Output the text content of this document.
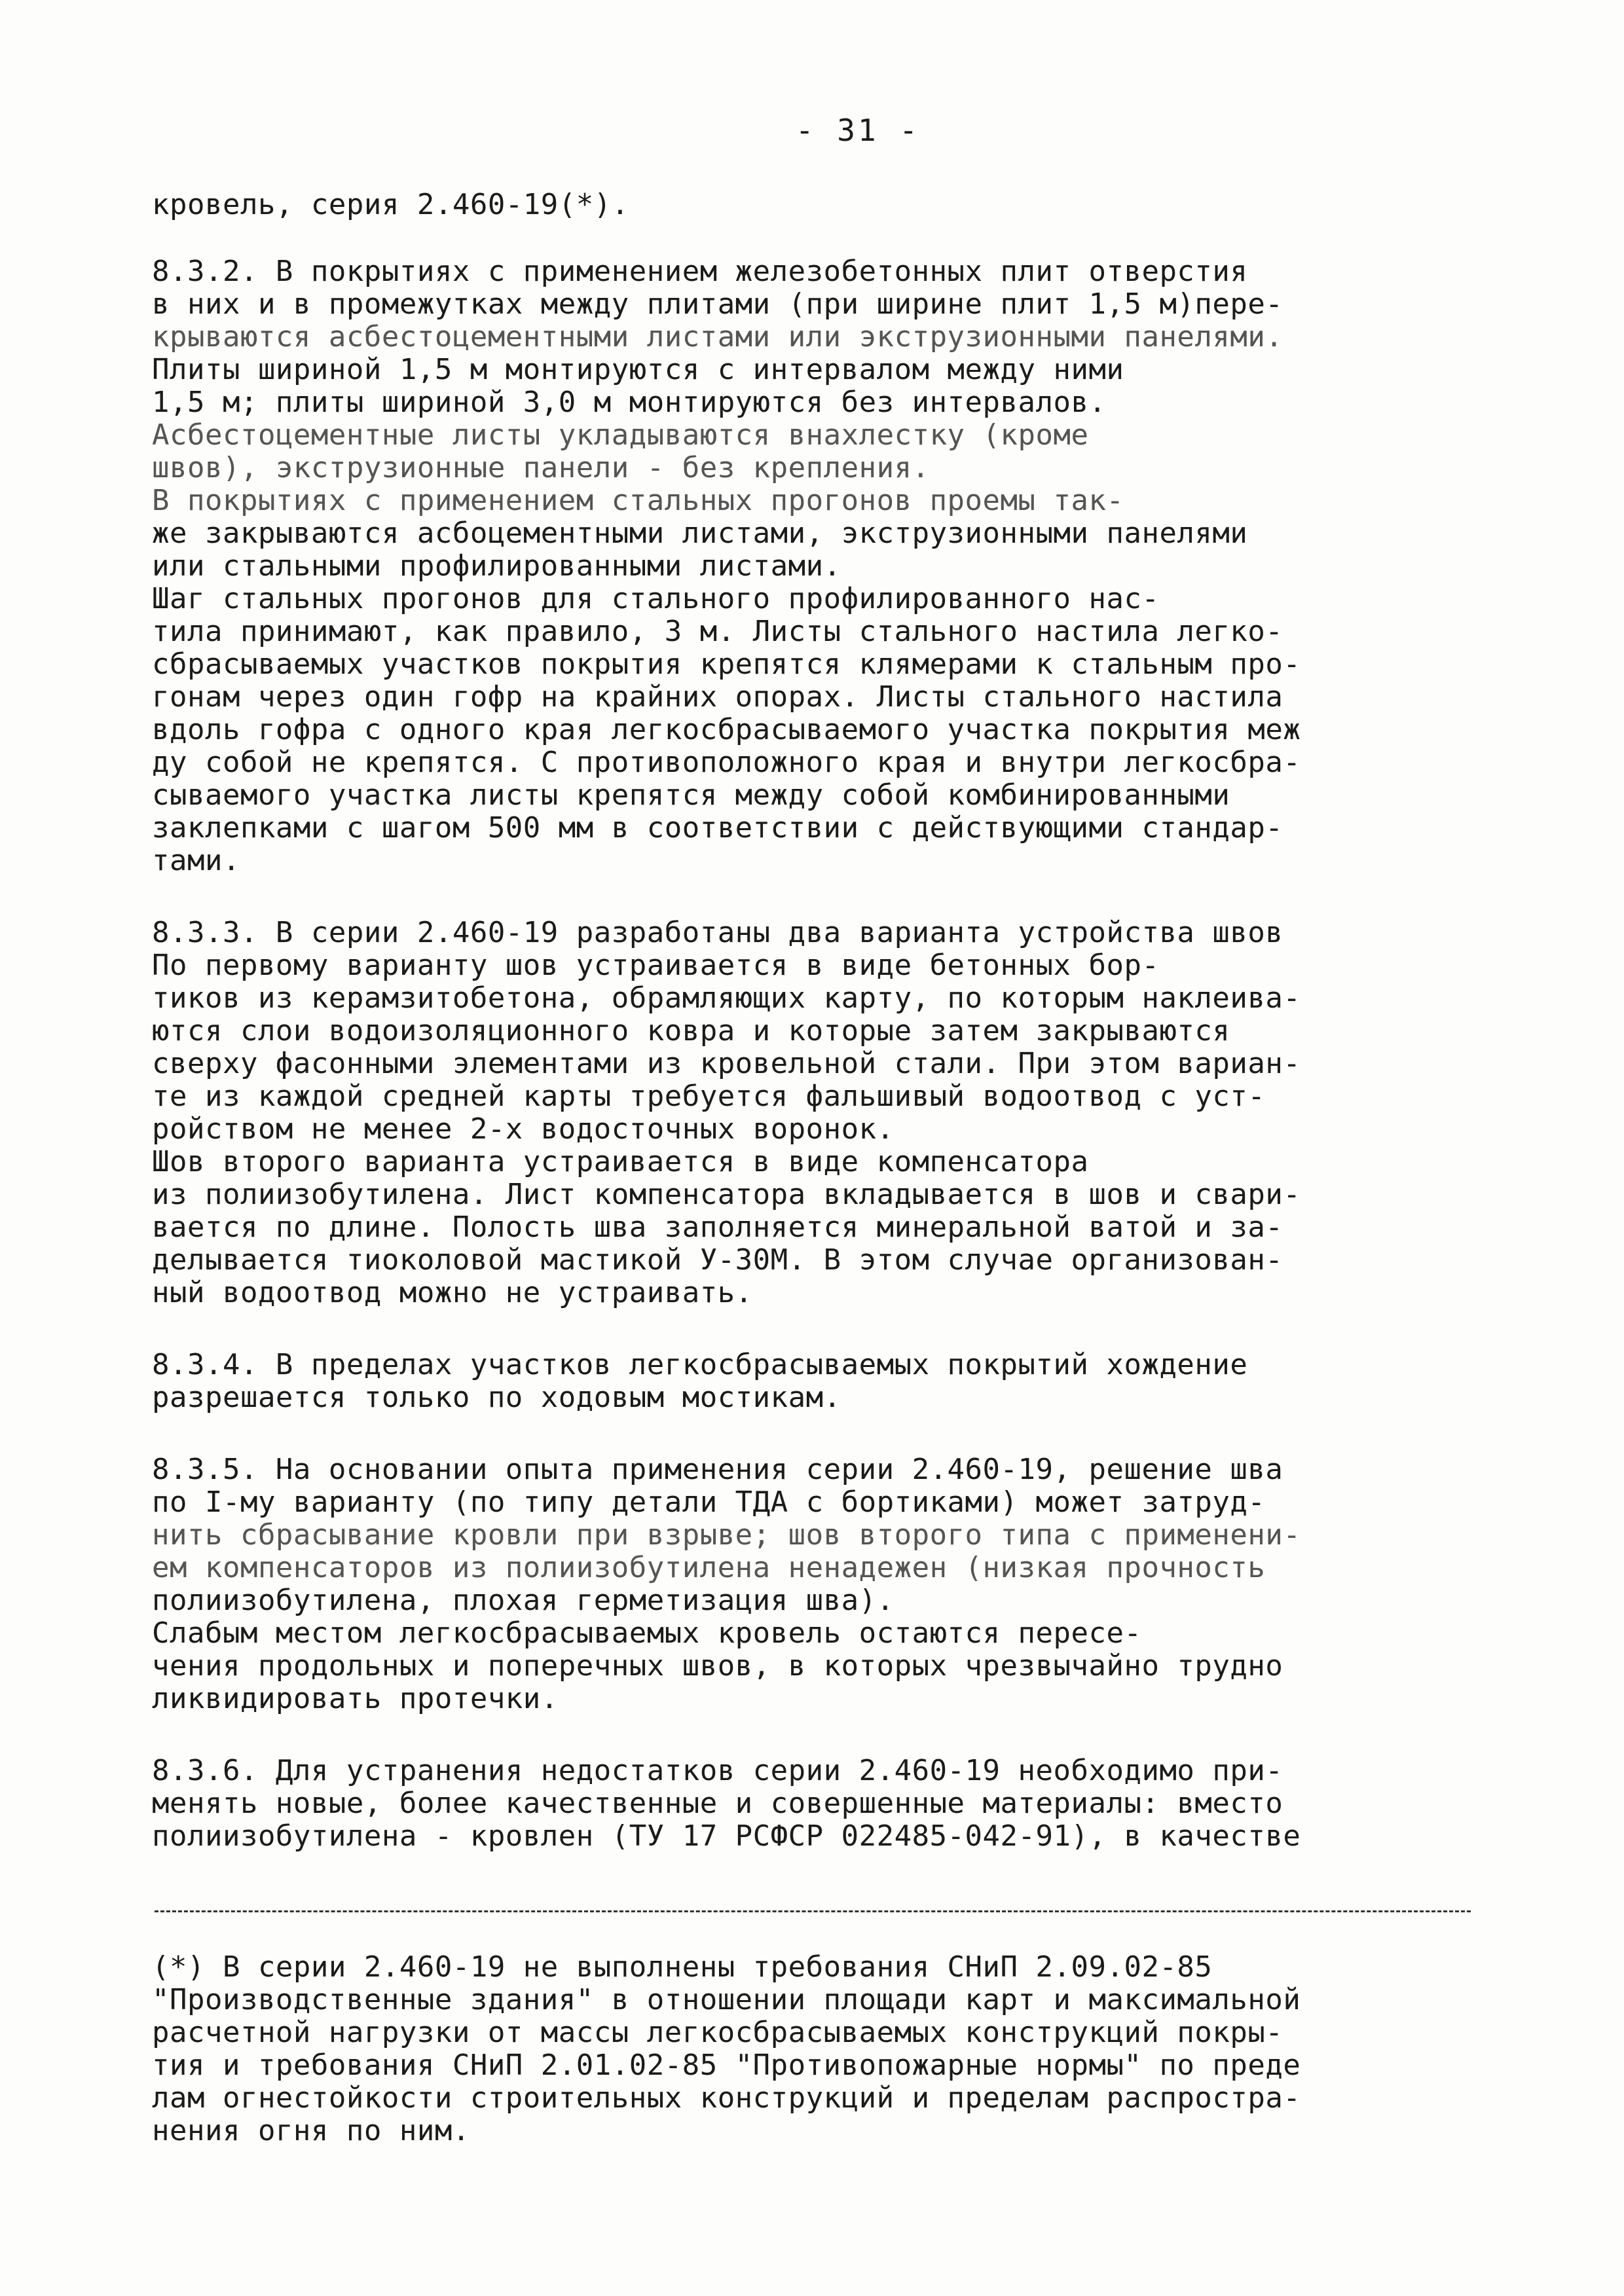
- 31 -
кровель, серия 2.460-19(*).
8.3.2. В покрытиях с применением железобетонных плит отверстия
в них и в промежутках между плитами (при ширине плит 1,5 м)пере-
крываются асбестоцементными листами или экструзионными панелями.
Плиты шириной 1,5 м монтируются с интервалом между ними
1,5 м; плиты шириной 3,0 м монтируются без интервалов.
Асбестоцементные листы укладываются внахлестку (кроме
швов), экструзионные панели - без крепления.
В покрытиях с применением стальных прогонов проемы так-
же закрываются асбоцементными листами, экструзионными панелями
или стальными профилированными листами.
Шаг стальных прогонов для стального профилированного нас-
тила принимают, как правило, 3 м. Листы стального настила легко-
сбрасываемых участков покрытия крепятся клямерами к стальным про-
гонам через один гофр на крайних опорах. Листы стального настила
вдоль гофра с одного края легкосбрасываемого участка покрытия меж
ду собой не крепятся. С противоположного края и внутри легкосбра-
сываемого участка листы крепятся между собой комбинированными
заклепками с шагом 500 мм в соответствии с действующими стандар-
тами.
8.3.3. В серии 2.460-19 разработаны два варианта устройства швов
По первому варианту шов устраивается в виде бетонных бор-
тиков из керамзитобетона, обрамляющих карту, по которым наклеива-
ются слои водоизоляционного ковра и которые затем закрываются
сверху фасонными элементами из кровельной стали. При этом вариан-
те из каждой средней карты требуется фальшивый водоотвод с уст-
ройством не менее 2-х водосточных воронок.
Шов второго варианта устраивается в виде компенсатора
из полиизобутилена. Лист компенсатора вкладывается в шов и свари-
вается по длине. Полость шва заполняется минеральной ватой и за-
делывается тиоколовой мастикой У-30М. В этом случае организован-
ный водоотвод можно не устраивать.
8.3.4. В пределах участков легкосбрасываемых покрытий хождение
разрешается только по ходовым мостикам.
8.3.5. На основании опыта применения серии 2.460-19, решение шва
по I-му варианту (по типу детали ТДА с бортиками) может затруд-
нить сбрасывание кровли при взрыве; шов второго типа с применени-
ем компенсаторов из полиизобутилена ненадежен (низкая прочность
полиизобутилена, плохая герметизация шва).
Слабым местом легкосбрасываемых кровель остаются пересе-
чения продольных и поперечных швов, в которых чрезвычайно трудно
ликвидировать протечки.
8.3.6. Для устранения недостатков серии 2.460-19 необходимо при-
менять новые, более качественные и совершенные материалы: вместо
полиизобутилена - кровлен (ТУ 17 РСФСР 022485-042-91), в качестве
(*) В серии 2.460-19 не выполнены требования СНиП 2.09.02-85
"Производственные здания" в отношении площади карт и максимальной
расчетной нагрузки от массы легкосбрасываемых конструкций покры-
тия и требования СНиП 2.01.02-85 "Противопожарные нормы" по преде
лам огнестойкости строительных конструкций и пределам распростра-
нения огня по ним.
